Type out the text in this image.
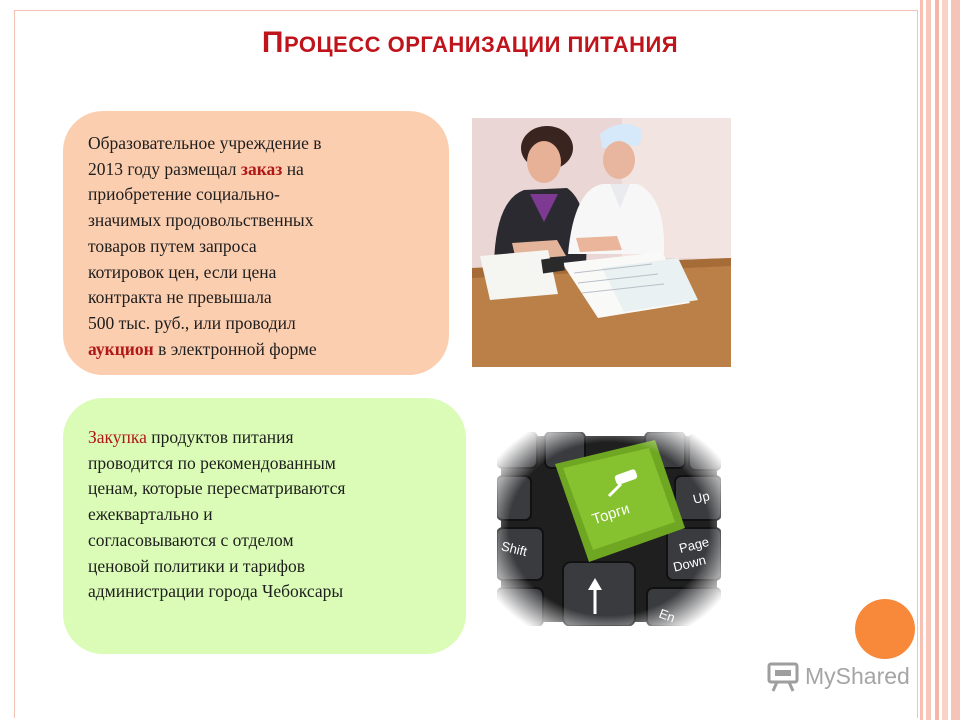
ПРОЦЕСС ОРГАНИЗАЦИИ ПИТАНИЯ
Образовательное учреждение в
2013 году размещал заказ на
приобретение социально-
значимых продовольственных
товаров путем запроса
котировок цен, если цена
контракта не превышала
500 тыс. руб., или проводил
аукцион в электронной форме
Закупка продуктов питания
проводится по рекомендованным
ценам, которые пересматриваются
ежеквартально и
согласовываются с отделом
ценовой политики и тарифов
администрации города Чебоксары
MyShared
